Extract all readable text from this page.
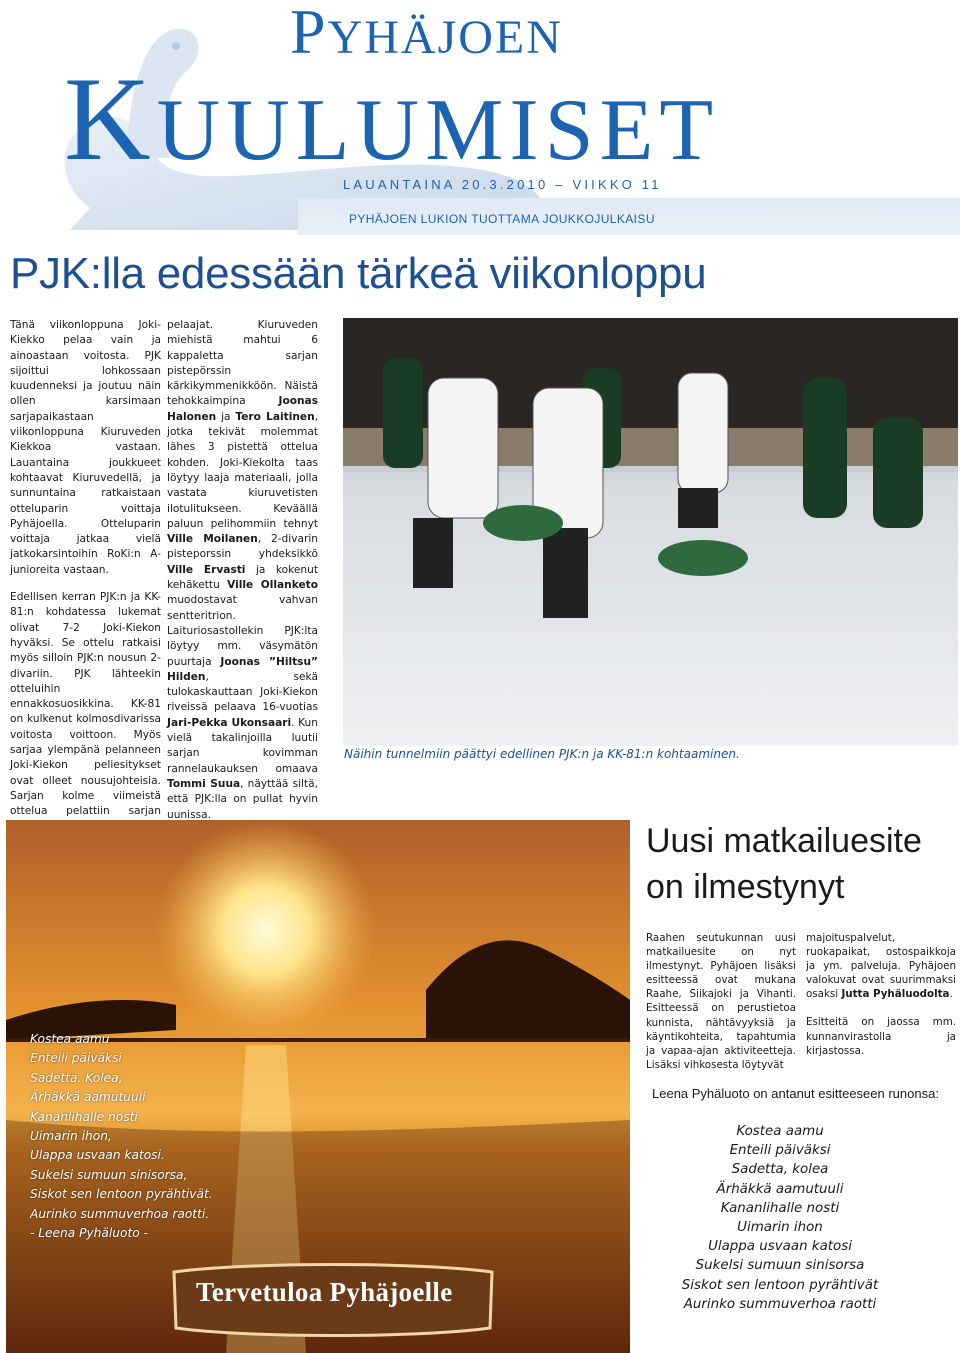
PYHÄJOEN
KUULUMISET
LAUANTAINA 20.3.2010 – VIIKKO 11
PYHÄJOEN LUKION TUOTTAMA JOUKKOJULKAISU
PJK:lla edessään tärkeä viikonloppu

Tänä viikonloppuna Joki-Kiekko pelaa vain ja ainoastaan voitosta. PJK sijoittui lohkossaan kuudenneksi ja joutuu näin ollen karsimaan sarjapaikastaan viikonloppuna Kiuruveden Kiekkoa vastaan. Lauantaina joukkueet kohtaavat Kiuruvedellä, ja sunnuntaina ratkaistaan otteluparin voittaja Pyhäjoella. Otteluparin voittaja jatkaa vielä jatkokarsintoihin RoKi:n A-junioreita vastaan.

Edellisen kerran PJK:n ja KK-81:n kohdatessa lukemat olivat 7-2 Joki-Kiekon hyväksi. Se ottelu ratkaisi myös silloin PJK:n nousun 2-divariin. PJK lähteekin otteluihin ennakkosuosikkina. KK-81 on kulkenut kolmosdivarissa voitosta voittoon. Myös sarjaa ylempänä pelanneen Joki-Kiekon peliesitykset ovat olleet nousujohteisia. Sarjan kolme viimeistä ottelua pelattiin sarjan

pelaajat. Kiuruveden miehistä mahtui 6 kappaletta sarjan pistepörssin kärkikymmenikköön. Näistä tehokkaimpina Joonas Halonen ja Tero Laitinen, jotka tekivät molemmat lähes 3 pistettä ottelua kohden. Joki-Kiekolta taas löytyy laaja materiaali, jolla vastata kiuruvetisten ilotulitukseen. Keväällä paluun pelihommiin tehnyt Ville Moilanen, 2-divarin pisteporssin yhdeksikkö Ville Ervasti ja kokenut kehäkettu Ville Ollanketo muodostavat vahvan sentteritrion. Laituriosastollekin PJK:lta löytyy mm. väsymätön puurtaja Joonas ”Hiltsu” Hilden, sekä tulokaskauttaan Joki-Kiekon riveissä pelaava 16-vuotias Jari-Pekka Ukonsaari. Kun vielä takalinjoilla luutii sarjan kovimman rannelaukauksen omaava Tommi Suua, näyttää siltä, että PJK:lla on pullat hyvin uunissa.

Näihin tunnelmiin päättyi edellinen PJK:n ja KK-81:n kohtaaminen.
Kostea aamu
Enteili päiväksi
Sadetta. Kolea,
Ärhäkkä aamutuuli
Kananlihalle nosti
Uimarin ihon,
Ulappa usvaan katosi.
Sukelsi sumuun sinisorsa,
Siskot sen lentoon pyrähtivät.
Aurinko summuverhoa raotti.
- Leena Pyhäluoto -
Tervetuloa Pyhäjoelle
Uusi matkailuesite
on ilmestynyt

Raahen seutukunnan uusi matkailuesite on nyt ilmestynyt. Pyhäjoen lisäksi esitteessä ovat mukana Raahe, Siikajoki ja Vihanti. Esitteessä on perustietoa kunnista, nähtävyyksiä ja käyntikohteita, tapahtumia ja vapaa-ajan aktiviteetteja. Lisäksi vihkosesta löytyvät

majoituspalvelut, ruokapaikat, ostospaikkoja ja ym. palveluja. Pyhäjoen valokuvat ovat suurimmaksi osaksi Jutta Pyhäluodolta.

Esitteitä on jaossa mm. kunnanvirastolla ja kirjastossa.

Leena Pyhäluoto on antanut esitteeseen runonsa:
Kostea aamu
Enteili päiväksi
Sadetta, kolea
Ärhäkkä aamutuuli
Kananlihalle nosti
Uimarin ihon
Ulappa usvaan katosi
Sukelsi sumuun sinisorsa
Siskot sen lentoon pyrähtivät
Aurinko summuverhoa raotti
